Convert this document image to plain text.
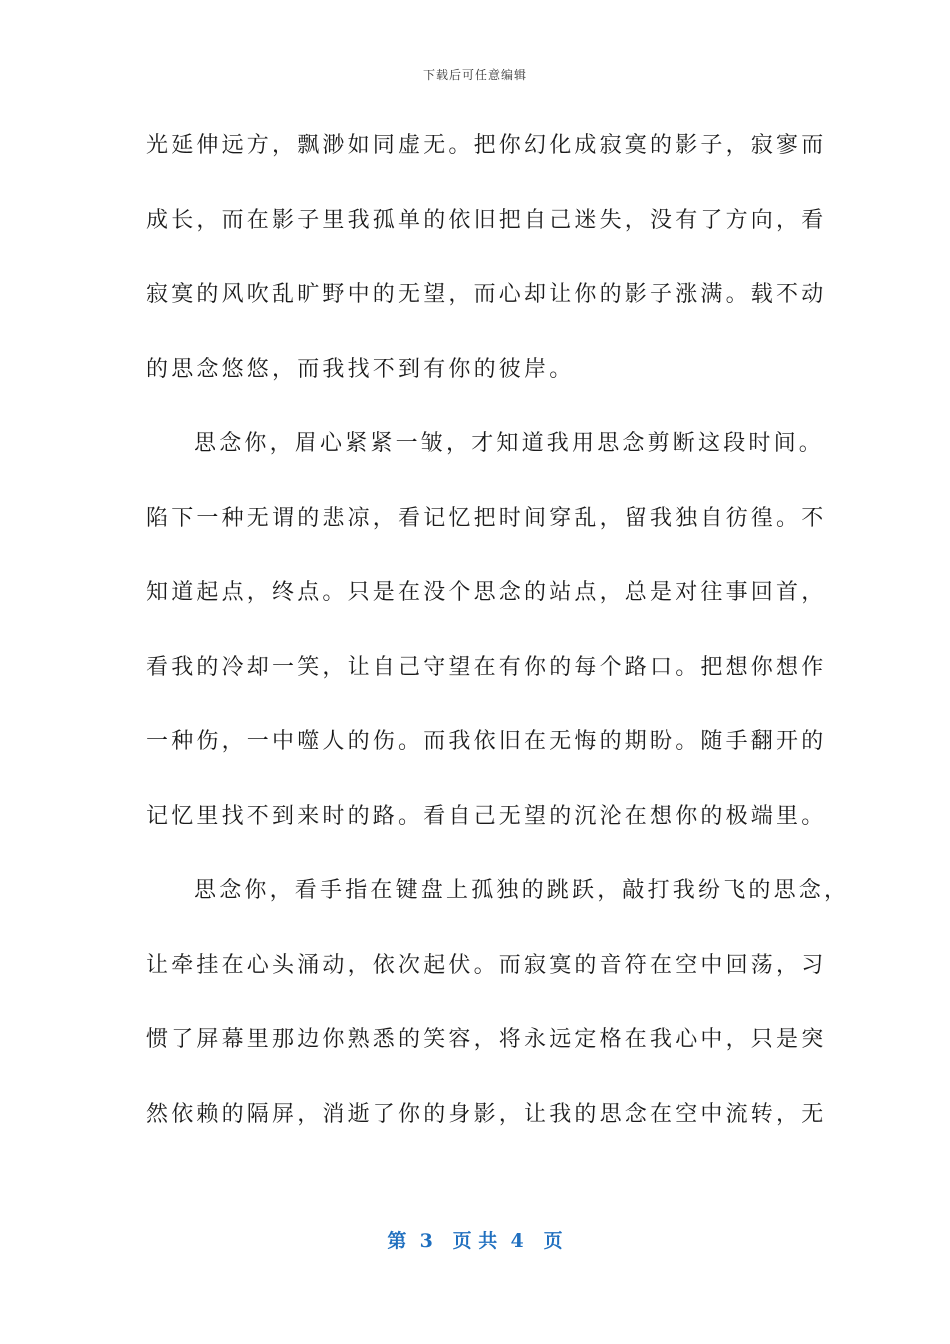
下载后可任意编辑
光延伸远方，飘渺如同虚无。把你幻化成寂寞的影子，寂寥而
成长，而在影子里我孤单的依旧把自己迷失，没有了方向，看
寂寞的风吹乱旷野中的无望，而心却让你的影子涨满。载不动
的思念悠悠，而我找不到有你的彼岸。
思念你，眉心紧紧一皱，才知道我用思念剪断这段时间。
陷下一种无谓的悲凉，看记忆把时间穿乱，留我独自彷徨。不
知道起点，终点。只是在没个思念的站点，总是对往事回首，
看我的冷却一笑，让自己守望在有你的每个路口。把想你想作
一种伤，一中噬人的伤。而我依旧在无悔的期盼。随手翻开的
记忆里找不到来时的路。看自己无望的沉沦在想你的极端里。
思念你，看手指在键盘上孤独的跳跃，敲打我纷飞的思念，
让牵挂在心头涌动，依次起伏。而寂寞的音符在空中回荡，习
惯了屏幕里那边你熟悉的笑容，将永远定格在我心中，只是突
然依赖的隔屏，消逝了你的身影，让我的思念在空中流转，无
第  3   页 共  4   页
